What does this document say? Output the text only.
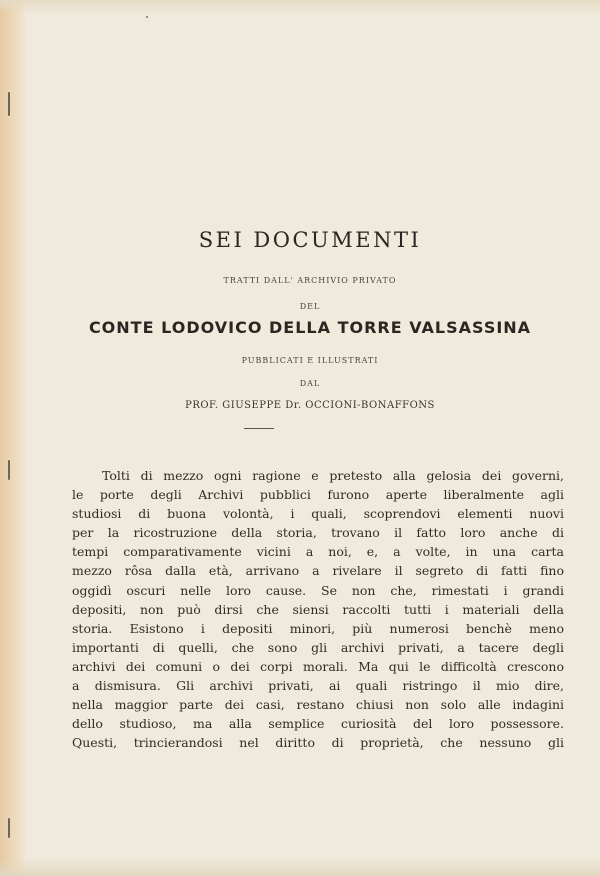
SEI DOCUMENTI
TRATTI DALL' ARCHIVIO PRIVATO
DEL
CONTE LODOVICO DELLA TORRE VALSASSINA
PUBBLICATI E ILLUSTRATI
DAL
PROF. GIUSEPPE Dr. OCCIONI-BONAFFONS
Tolti di mezzo ogni ragione e pretesto alla gelosia dei governi,
le porte degli Archivi pubblici furono aperte liberalmente agli
studiosi di buona volontà, i quali, scoprendovi elementi nuovi
per la ricostruzione della storia, trovano il fatto loro anche di
tempi comparativamente vicini a noi, e, a volte, in una carta
mezzo rôsa dalla età, arrivano a rivelare il segreto di fatti fino
oggidì oscuri nelle loro cause. Se non che, rimestati i grandi
depositi, non può dirsi che siensi raccolti tutti i materiali della
storia. Esistono i depositi minori, più numerosi benchè meno
importanti di quelli, che sono gli archivi privati, a tacere degli
archivi dei comuni o dei corpi morali. Ma qui le difficoltà crescono
a dismisura. Gli archivi privati, ai quali ristringo il mio dire,
nella maggior parte dei casi, restano chiusi non solo alle indagini
dello studioso, ma alla semplice curiosità del loro possessore.
Questi, trincierandosi nel diritto di proprietà, che nessuno gli
